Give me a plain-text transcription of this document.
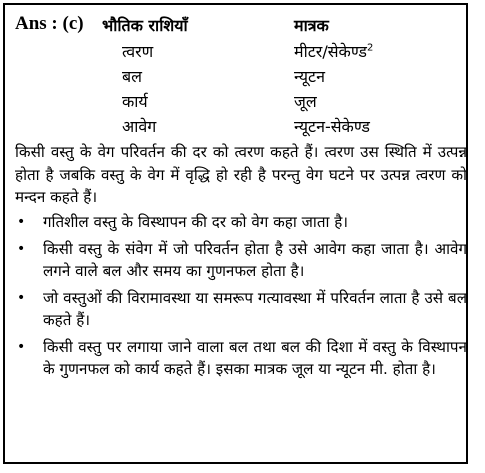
Ans : (c) भौतिक राशियाँ	मात्रक
त्वरण	मीटर/सेकेण्ड$^2$
बल	न्यूटन
कार्य	जूल
आवेग	न्यूटन-सेकेण्ड
किसी वस्तु के वेग परिवर्तन की दर को त्वरण कहते हैं। त्वरण उस स्थिति में उत्पन्न होता है जबकि वस्तु के वेग में वृद्धि हो रही है परन्तु वेग घटने पर उत्पन्न त्वरण को मन्दन कहते हैं।
• गतिशील वस्तु के विस्थापन की दर को वेग कहा जाता है।
• किसी वस्तु के संवेग में जो परिवर्तन होता है उसे आवेग कहा जाता है। आवेग लगने वाले बल और समय का गुणनफल होता है।
• जो वस्तुओं की विरामावस्था या समरूप गत्यावस्था में परिवर्तन लाता है उसे बल कहते हैं।
• किसी वस्तु पर लगाया जाने वाला बल तथा बल की दिशा में वस्तु के विस्थापन के गुणनफल को कार्य कहते हैं। इसका मात्रक जूल या न्यूटन मी. होता है।
